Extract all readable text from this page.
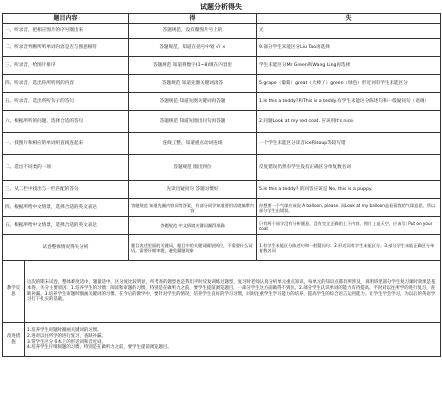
试题分析得失
题目内容	得	失
一、听录音，把相应图片的序号圈出来	答题规范，没有圈图片号上的	无
二、听录音判断所听单词内容是否与图意相符	答题规范，知道在括号中划 √/ ×	9.部分学生未能区分Liu Tao再选择
三、听录音，给图片排序	答题规范 知道将数字(1~8)填在内容里	学生未能区分Mr Green和Wang Ling再选择
四、听录音，选出你所听到的内容	答题规范 知道先圈关键词再答	5.grape（葡萄）great（大棒了）green（绿色）形近词有学生未能区分
五、听录音，选出所听句子的答句	答题规范 知道先圈关键词再答题	1.Is this a teddy?和This is a teddy.有学生未能区分陈述句和一般疑问句（语调）
六、根据所听的问题，选择合适的答句	答题规范 知道先圈出问句再答题	2.问题Look at my red coat. 应该用It's nice.
一、找图片和相应的单词用直线连起来	连线工整、知道重点动词连线	一个学生未能区分读音ice和soup等较写错
二、选出不同类的一项	答题规范 圈出到位	反复错误仍然有学生没有正确区分单复数名词
三、从二栏中找出与一栏匹配的答句	先读出疑问句 答题习惯好	5.Is this a teddy? 的回答应该是 No, this is a puppy.
四、根据所给中文情景，选择合适的英文表达	答题规范 知道先圈内容词等答案，有部分同学知道要用语境揣摩内容	你想要一个气球应该说 A balloon, please. 而Look at my balloon是看看我的气球意思，所以部分学生出错误。
五、根据所给中文情景，选择合适的英文表达	答题规范 中文情境关键词圈得准确	只有两个同学没有分析题意，没有完全正确的上下内容，图片上是天空，应该写: Put on your coat
试卷整体情况得失分析	题目表述里面的关键词，题目中的关键词圈划到位，不需要什么词语，需要仔细审题，避免漏题现象	1.有学生未能区分陈述句和一般疑问句；2.形近词有学生未能区分；3.部分学生未能正确区分单复数名词
教学反思	这次的期末试卷，整体难度适中，题量适中，区分度比较明显，所考查的题型也是我们平时反复训练过题型，复习时老师认真分析单元重点知识，每单元的知识点都有所涉及，说明班里部分学生复习课时效果是基本得。失分主要原因：1.培养学生的习惯：阅读和审题的习惯，特别是在做听力之前，要学生提前浏览题目，一部分学生这方面做得不到位。2.部分学生认识单词的能力有待提高。平时对以往所学的进行复习，查缺补漏。3.培养学生审题时圈画关键词的习惯。在今后的教学中，要针对学生的情况，培养学生良好的学习习惯，同时注重学生学习能力的培养，提高学生的综合语言运用能力。让学生学会学习，为以后的英语学习打下扎实的基础。
改进措施	1.培养学生审题时圈画关键词的习惯。
2.进对以往所学的进行复习，查缺补漏。
3.常学生区分书本上的形近词和音近词。
4.培养学生仔细阅题的习惯，特别是在做听力之前，要学生提前浏览题目。
